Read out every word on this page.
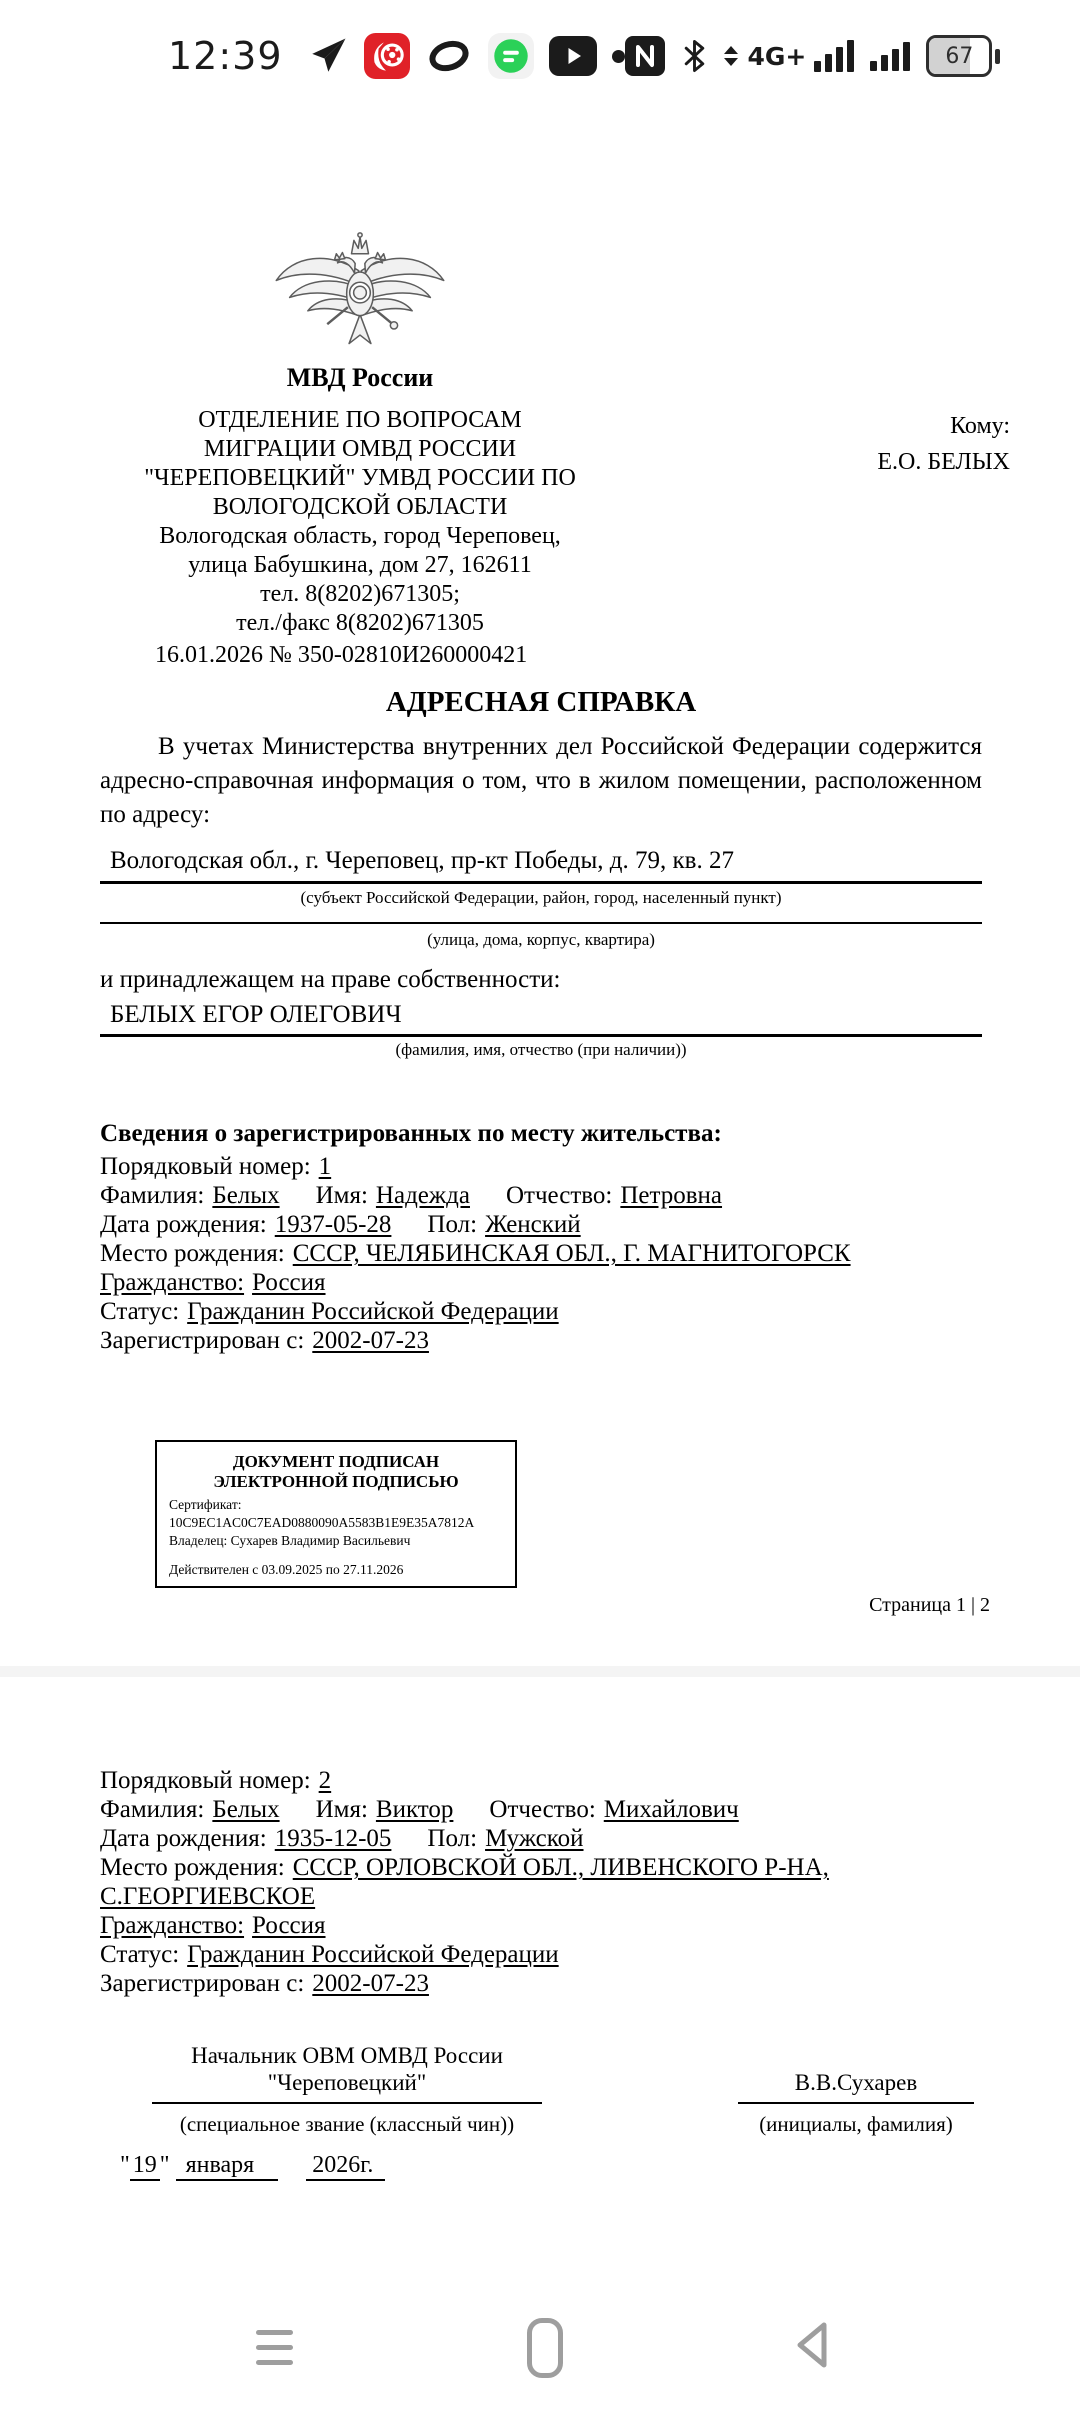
12:39	4G+	67
МВД России
Кому:
Е.О. БЕЛЫХ
ОТДЕЛЕНИЕ ПО ВОПРОСАМ
МИГРАЦИИ ОМВД РОССИИ
"ЧЕРЕПОВЕЦКИЙ" УМВД РОССИИ ПО
ВОЛОГОДСКОЙ ОБЛАСТИ
Вологодская область, город Череповец,
улица Бабушкина, дом 27, 162611
тел. 8(8202)671305;
тел./факс 8(8202)671305
16.01.2026 № 350-02810И260000421
АДРЕСНАЯ СПРАВКА
В учетах Министерства внутренних дел Российской Федерации содержится адресно-справочная информация о том, что в жилом помещении, расположенном по адресу:
Вологодская обл., г. Череповец, пр-кт Победы, д. 79, кв. 27
(субъект Российской Федерации, район, город, населенный пункт)
(улица, дома, корпус, квартира)
и принадлежащем на праве собственности:
БЕЛЫХ ЕГОР ОЛЕГОВИЧ
(фамилия, имя, отчество (при наличии))
Сведения о зарегистрированных по месту жительства:
Порядковый номер: 1
Фамилия: Белых Имя: Надежда Отчество: Петровна
Дата рождения: 1937-05-28 Пол: Женский
Место рождения: СССР, ЧЕЛЯБИНСКАЯ ОБЛ., Г. МАГНИТОГОРСК
Гражданство: Россия
Статус: Гражданин Российской Федерации
Зарегистрирован с: 2002-07-23
ДОКУМЕНТ ПОДПИСАН
ЭЛЕКТРОННОЙ ПОДПИСЬЮ
Сертификат:
10C9EC1AC0C7EAD0880090A5583B1E9E35A7812A
Владелец: Сухарев Владимир Васильевич
Действителен с 03.09.2025 по 27.11.2026
Страница 1 | 2
Порядковый номер: 2
Фамилия: Белых Имя: Виктор Отчество: Михайлович
Дата рождения: 1935-12-05 Пол: Мужской
Место рождения: СССР, ОРЛОВСКОЙ ОБЛ., ЛИВЕНСКОГО Р-НА, С.ГЕОРГИЕВСКОЕ
Гражданство: Россия
Статус: Гражданин Российской Федерации
Зарегистрирован с: 2002-07-23
Начальник ОВМ ОМВД России
"Череповецкий"	В.В.Сухарев
(специальное звание (классный чин))	(инициалы, фамилия)
" 19 " января 2026г.
